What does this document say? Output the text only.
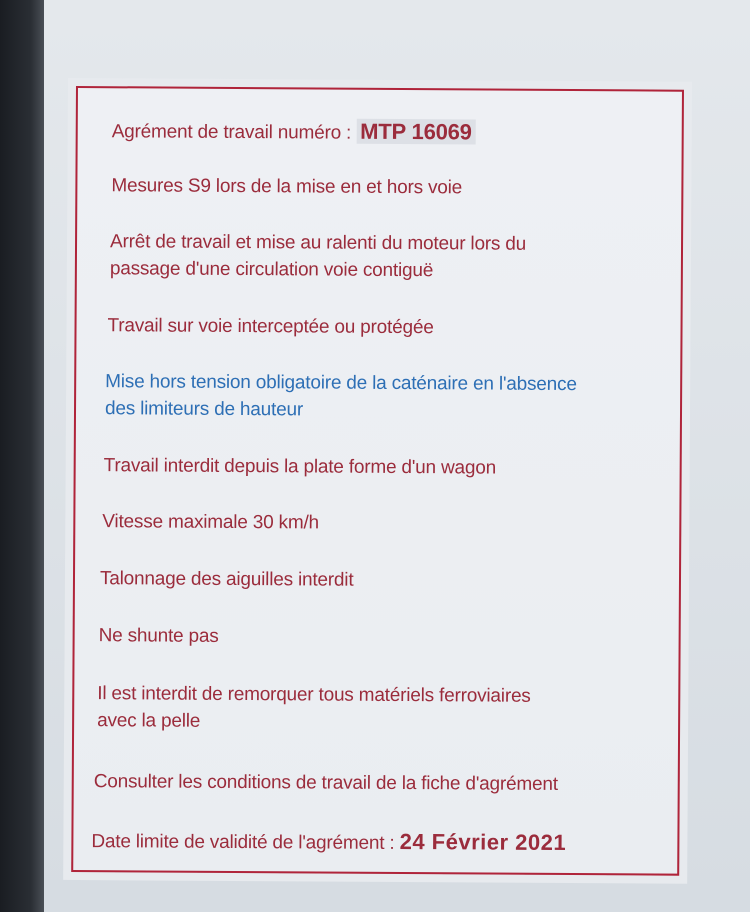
Agrément de travail numéro : MTP 16069
Mesures S9 lors de la mise en et hors voie
Arrêt de travail et mise au ralenti du moteur lors du
passage d'une circulation voie contiguë
Travail sur voie interceptée ou protégée
Mise hors tension obligatoire de la caténaire en l'absence
des limiteurs de hauteur
Travail interdit depuis la plate forme d'un wagon
Vitesse maximale 30 km/h
Talonnage des aiguilles interdit
Ne shunte pas
Il est interdit de remorquer tous matériels ferroviaires
avec la pelle
Consulter les conditions de travail de la fiche d'agrément
Date limite de validité de l'agrément : 24 Février 2021
